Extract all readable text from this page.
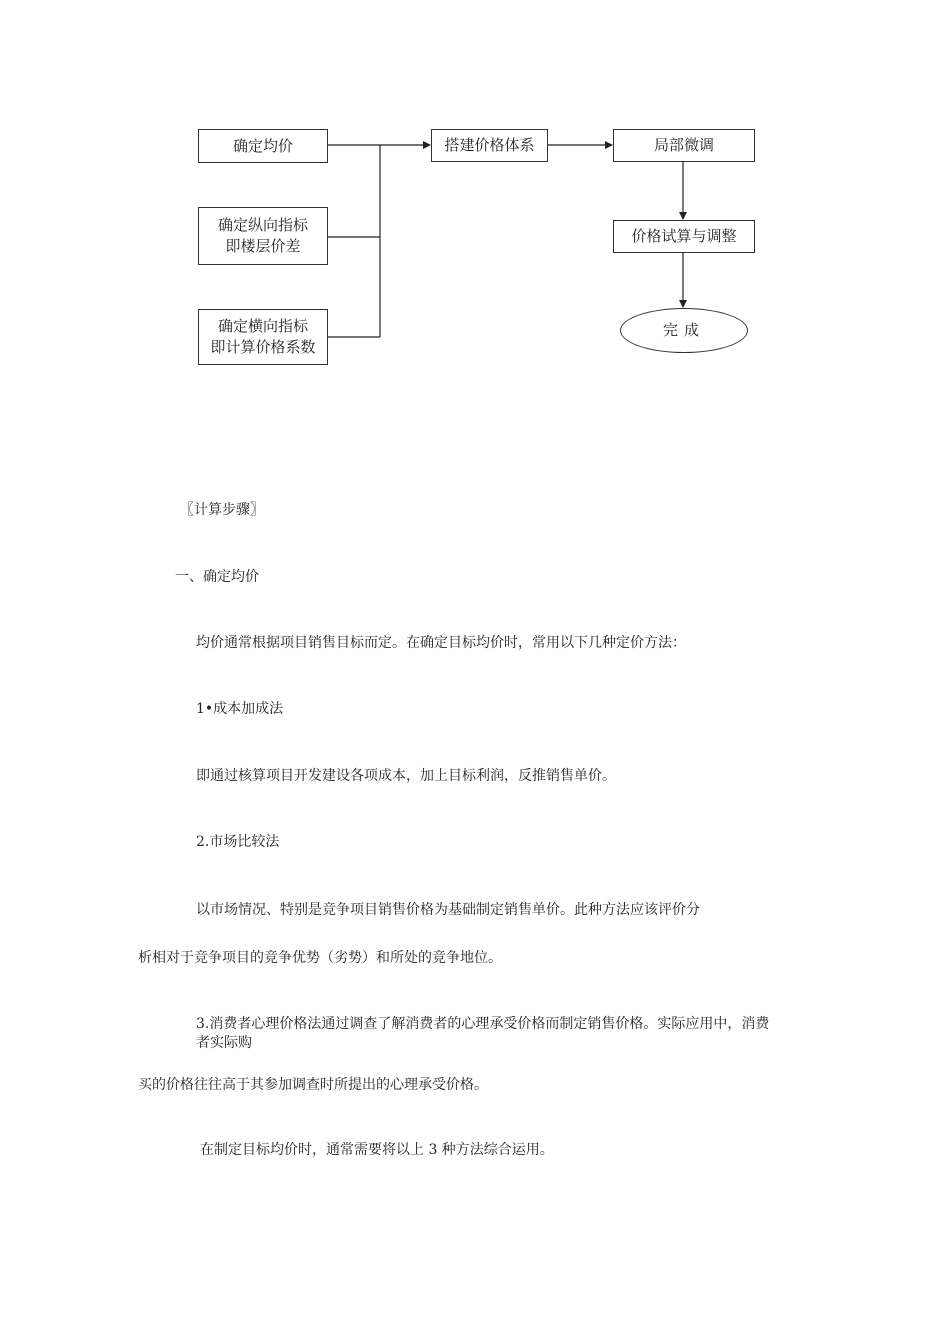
确定均价
确定纵向指标
即楼层价差
确定横向指标
即计算价格系数
搭建价格体系	局部微调
价格试算与调整
完成
〖计算步骤〗
一、确定均价
均价通常根据项目销售目标而定。在确定目标均价时，常用以下几种定价方法：
1•成本加成法
即通过核算项目开发建设各项成本，加上目标利润，反推销售单价。
2.市场比较法
以市场情况、特别是竞争项目销售价格为基础制定销售单价。此种方法应该评价分
析相对于竞争项目的竞争优势（劣势）和所处的竞争地位。
3.消费者心理价格法通过调查了解消费者的心理承受价格而制定销售价格。实际应用中，消费
者实际购
买的价格往往高于其参加调查时所提出的心理承受价格。
在制定目标均价时，通常需要将以上 3 种方法综合运用。
